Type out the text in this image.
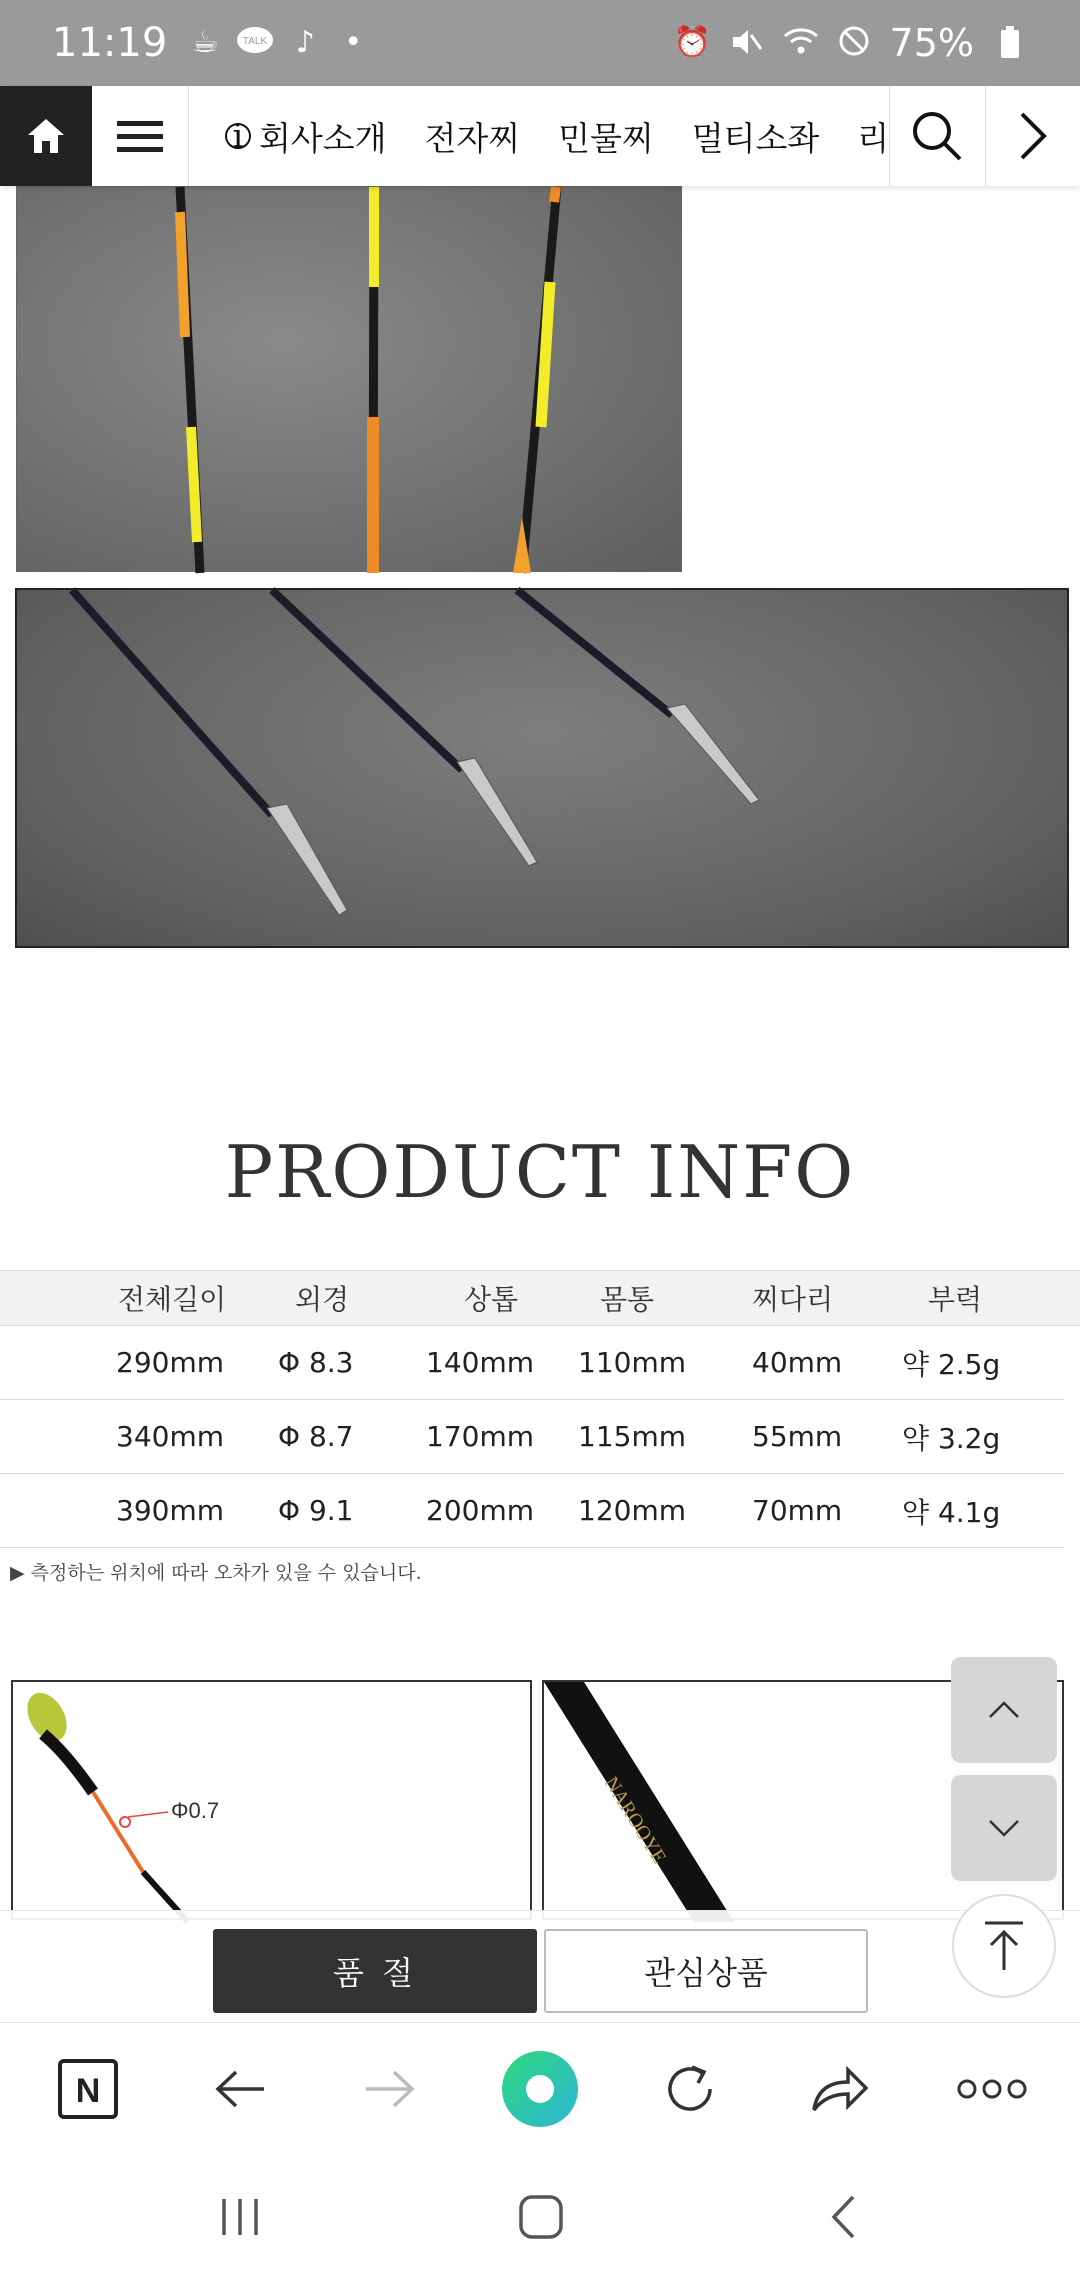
11:19 ☕	TALK ♪ •	⏰	75%
i 회사소개 전자찌 민물찌 멀티소좌 리
PRODUCT INFO
전체길이 외경	상톱	몸통	찌다리	부력
290mm Φ 8.3	140mm 110mm 40mm 약 2.5g
340mm Φ 8.7	170mm 115mm 55mm 약 3.2g
390mm Φ 9.1	200mm 120mm 70mm 약 4.1g
▶ 측정하는 위치에 따라 오차가 있을 수 있습니다.
Φ0.7	NAROOYE
품 절	관심상품
N
